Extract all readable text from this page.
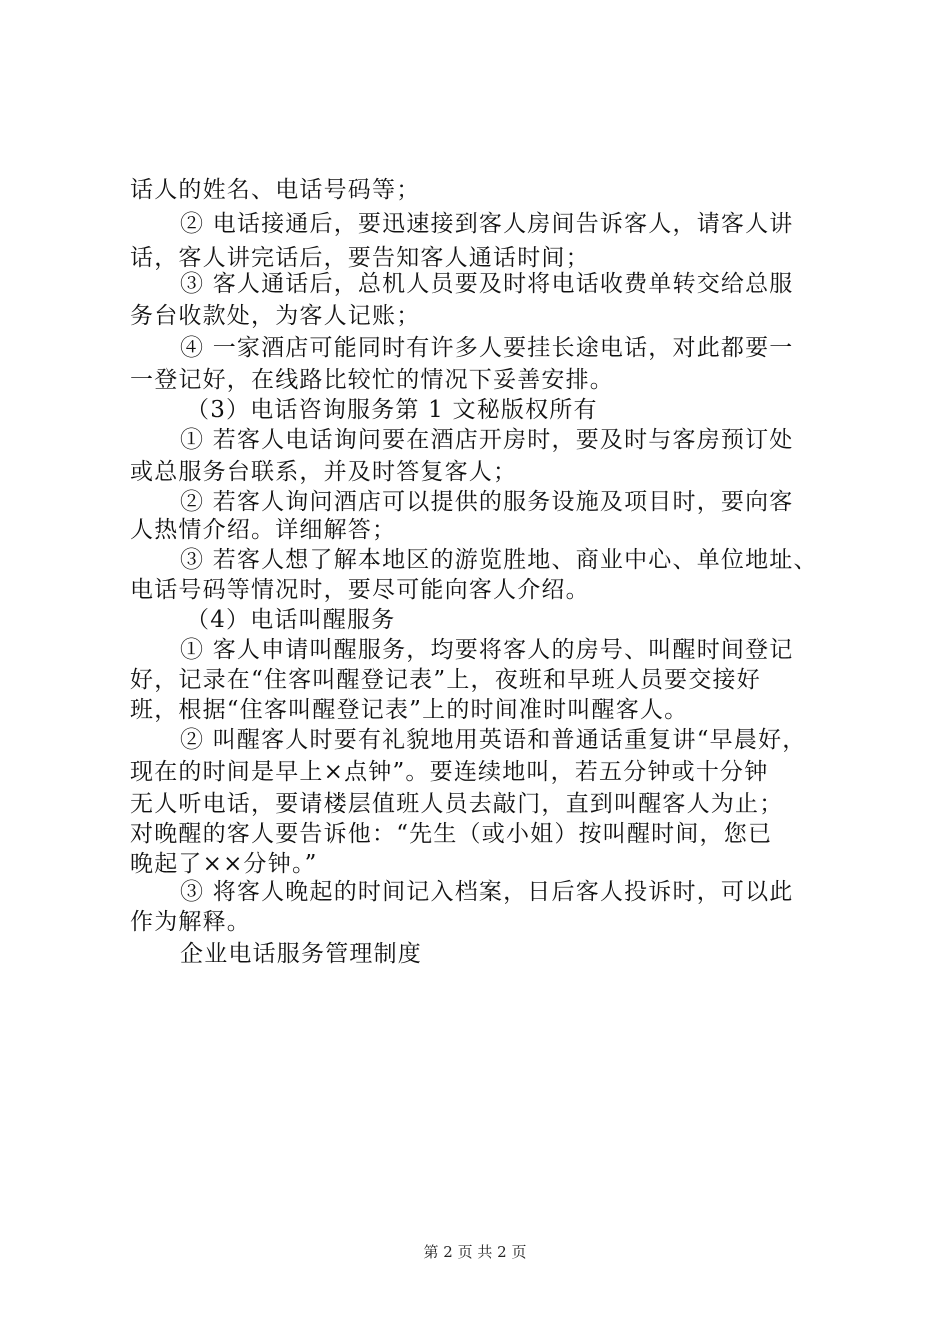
话人的姓名、电话号码等；
② 电话接通后，要迅速接到客人房间告诉客人，请客人讲
话，客人讲完话后，要告知客人通话时间；
③ 客人通话后，总机人员要及时将电话收费单转交给总服
务台收款处，为客人记账；
④ 一家酒店可能同时有许多人要挂长途电话，对此都要一
一登记好，在线路比较忙的情况下妥善安排。
（3）电话咨询服务第 1 文秘版权所有
① 若客人电话询问要在酒店开房时，要及时与客房预订处
或总服务台联系，并及时答复客人；
② 若客人询问酒店可以提供的服务设施及项目时，要向客
人热情介绍。详细解答；
③ 若客人想了解本地区的游览胜地、商业中心、单位地址、
电话号码等情况时，要尽可能向客人介绍。
（4）电话叫醒服务
① 客人申请叫醒服务，均要将客人的房号、叫醒时间登记
好，记录在“住客叫醒登记表”上，夜班和早班人员要交接好
班，根据“住客叫醒登记表”上的时间准时叫醒客人。
② 叫醒客人时要有礼貌地用英语和普通话重复讲“早晨好，
现在的时间是早上×点钟”。要连续地叫，若五分钟或十分钟
无人听电话，要请楼层值班人员去敲门，直到叫醒客人为止；
对晚醒的客人要告诉他：“先生（或小姐）按叫醒时间，您已
晚起了××分钟。”
③ 将客人晚起的时间记入档案，日后客人投诉时，可以此
作为解释。
企业电话服务管理制度
第 2 页 共 2 页
